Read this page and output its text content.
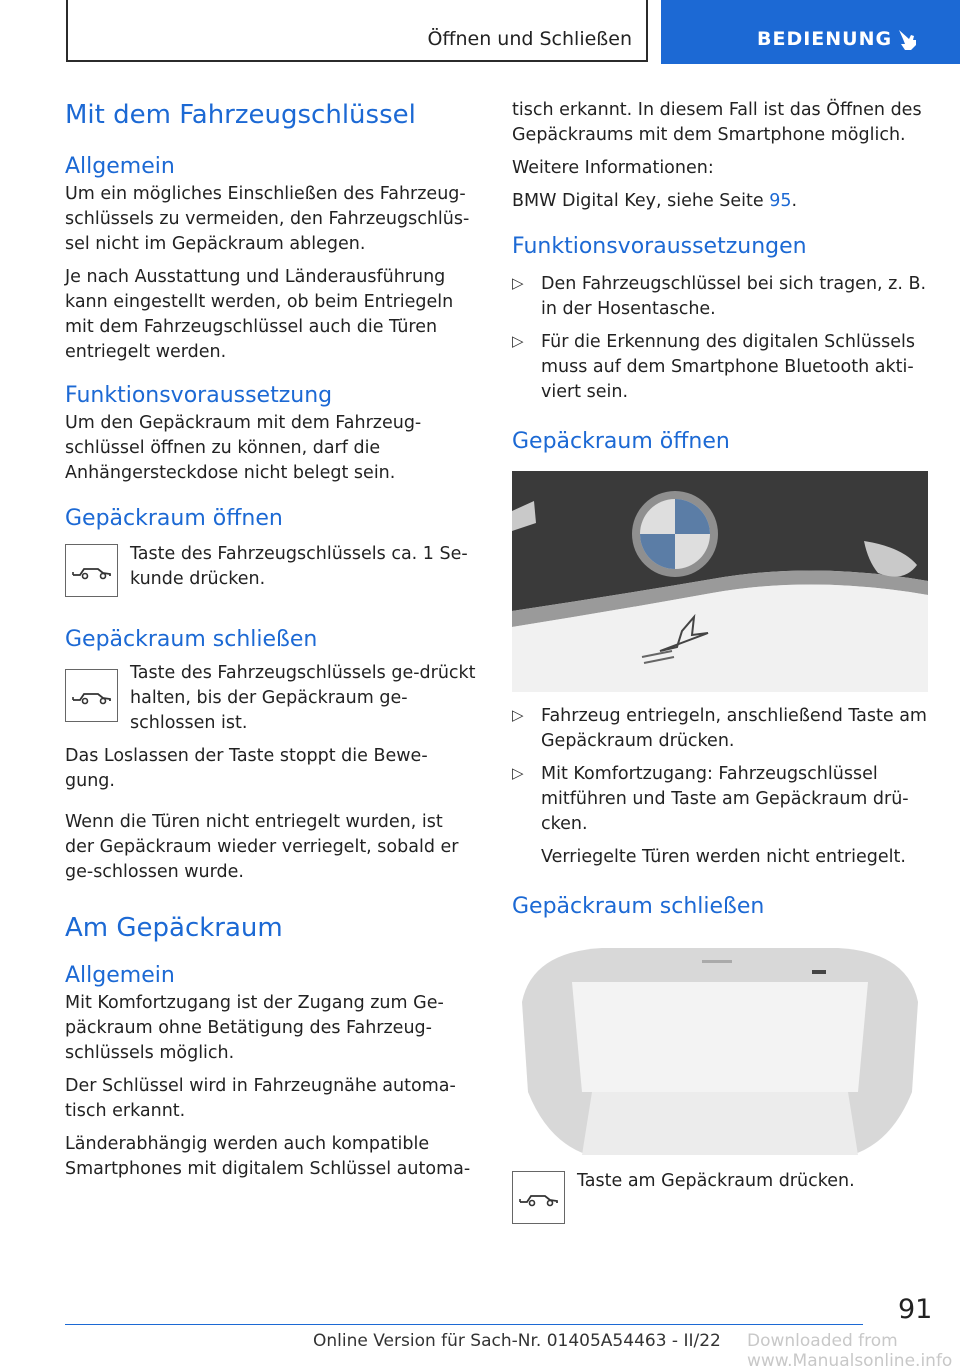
Öffnen und Schließen	BEDIENUNG
Mit dem Fahrzeugschlüssel
Allgemein

Um ein mögliches Einschließen des Fahrzeug-schlüssels zu vermeiden, den Fahrzeugschlüs-sel nicht im Gepäckraum ablegen.

Je nach Ausstattung und Länderausführung kann eingestellt werden, ob beim Entriegeln mit dem Fahrzeugschlüssel auch die Türen entriegelt werden.

Funktionsvoraussetzung

Um den Gepäckraum mit dem Fahrzeug-schlüssel öffnen zu können, darf die Anhängersteckdose nicht belegt sein.

Gepäckraum öffnen

Taste des Fahrzeugschlüssels ca. 1 Se-kunde drücken.

Gepäckraum schließen

Taste des Fahrzeugschlüssels ge-drückt halten, bis der Gepäckraum ge-schlossen ist.

Das Loslassen der Taste stoppt die Bewe-gung.

Wenn die Türen nicht entriegelt wurden, ist der Gepäckraum wieder verriegelt, sobald er ge-schlossen wurde.

Am Gepäckraum
Allgemein

Mit Komfortzugang ist der Zugang zum Ge-päckraum ohne Betätigung des Fahrzeug-schlüssels möglich.

Der Schlüssel wird in Fahrzeugnähe automa-tisch erkannt.

Länderabhängig werden auch kompatible Smartphones mit digitalem Schlüssel automa-

tisch erkannt. In diesem Fall ist das Öffnen des Gepäckraums mit dem Smartphone möglich.

Weitere Informationen:

BMW Digital Key, siehe Seite 95.

Funktionsvoraussetzungen
▷ Den Fahrzeugschlüssel bei sich tragen, z. B. in der Hosentasche.

▷ Für die Erkennung des digitalen Schlüssels muss auf dem Smartphone Bluetooth akti-viert sein.

Gepäckraum öffnen
▷ Fahrzeug entriegeln, anschließend Taste am Gepäckraum drücken.

▷ Mit Komfortzugang: Fahrzeugschlüssel mitführen und Taste am Gepäckraum drü-cken.

Verriegelte Türen werden nicht entriegelt.

Gepäckraum schließen

Taste am Gepäckraum drücken.

91
Online Version für Sach-Nr. 01405A54463 - II/22 Downloaded from www.Manualsonline.info
